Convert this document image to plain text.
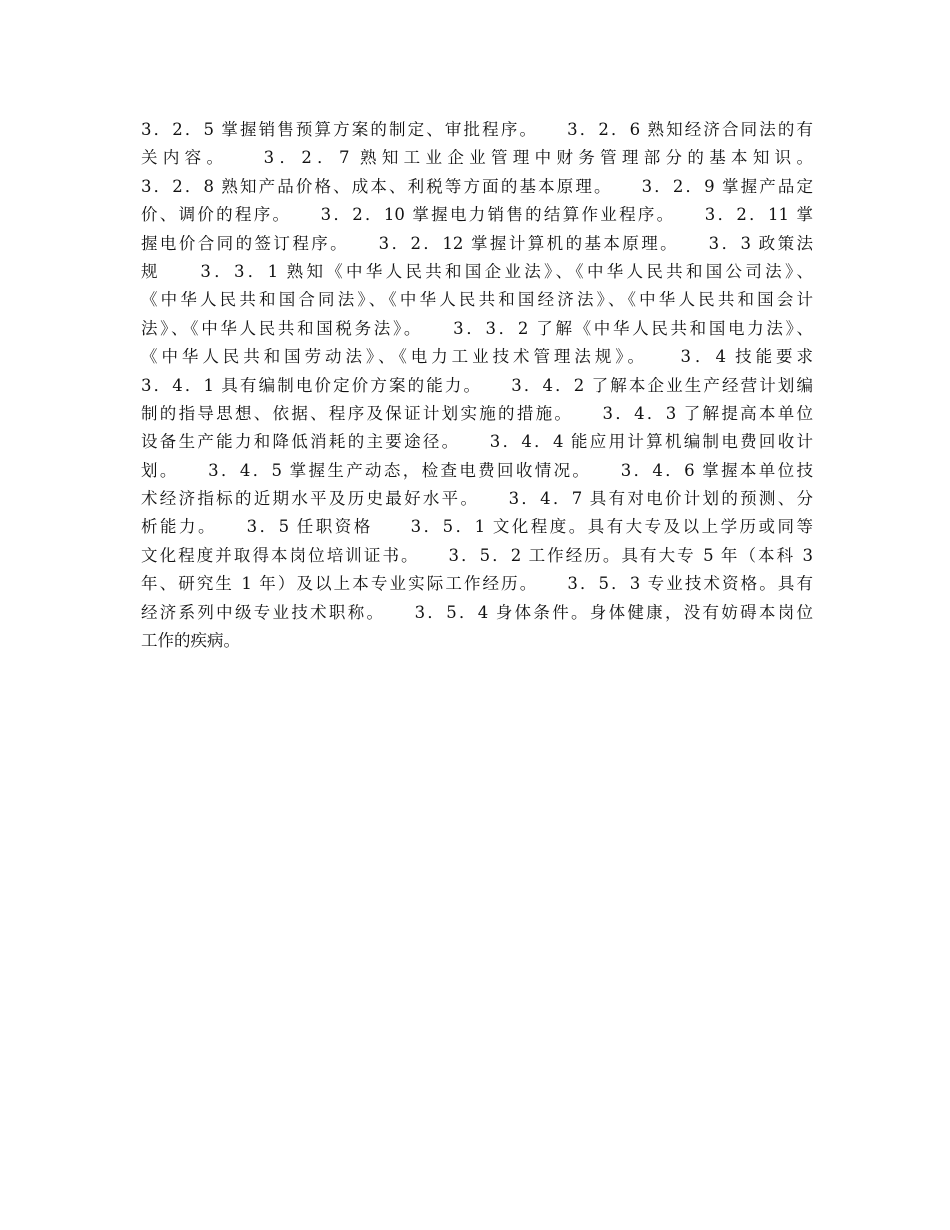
3．2．5 掌握销售预算方案的制定、审批程序。　　3．2．6 熟知经济合同法的有
关内容。　　3．2．7 熟知工业企业管理中财务管理部分的基本知识。
3．2．8 熟知产品价格、成本、利税等方面的基本原理。　　3．2．9 掌握产品定
价、调价的程序。　　3．2．10 掌握电力销售的结算作业程序。　　3．2．11 掌
握电价合同的签订程序。　　3．2．12 掌握计算机的基本原理。　　3．3 政策法
规　　3．3．1 熟知《中华人民共和国企业法》、《中华人民共和国公司法》、
《中华人民共和国合同法》、《中华人民共和国经济法》、《中华人民共和国会计
法》、《中华人民共和国税务法》。　　3．3．2 了解《中华人民共和国电力法》、
《中华人民共和国劳动法》、《电力工业技术管理法规》。　　3．4 技能要求
3．4．1 具有编制电价定价方案的能力。　　3．4．2 了解本企业生产经营计划编
制的指导思想、依据、程序及保证计划实施的措施。　　3．4．3 了解提高本单位
设备生产能力和降低消耗的主要途径。　　3．4．4 能应用计算机编制电费回收计
划。　　3．4．5 掌握生产动态，检查电费回收情况。　　3．4．6 掌握本单位技
术经济指标的近期水平及历史最好水平。　　3．4．7 具有对电价计划的预测、分
析能力。　　3．5 任职资格　　3．5．1 文化程度。具有大专及以上学历或同等
文化程度并取得本岗位培训证书。　　3．5．2 工作经历。具有大专 5 年（本科 3
年、研究生 1 年）及以上本专业实际工作经历。　　3．5．3 专业技术资格。具有
经济系列中级专业技术职称。　　3．5．4 身体条件。身体健康，没有妨碍本岗位
工作的疾病。
